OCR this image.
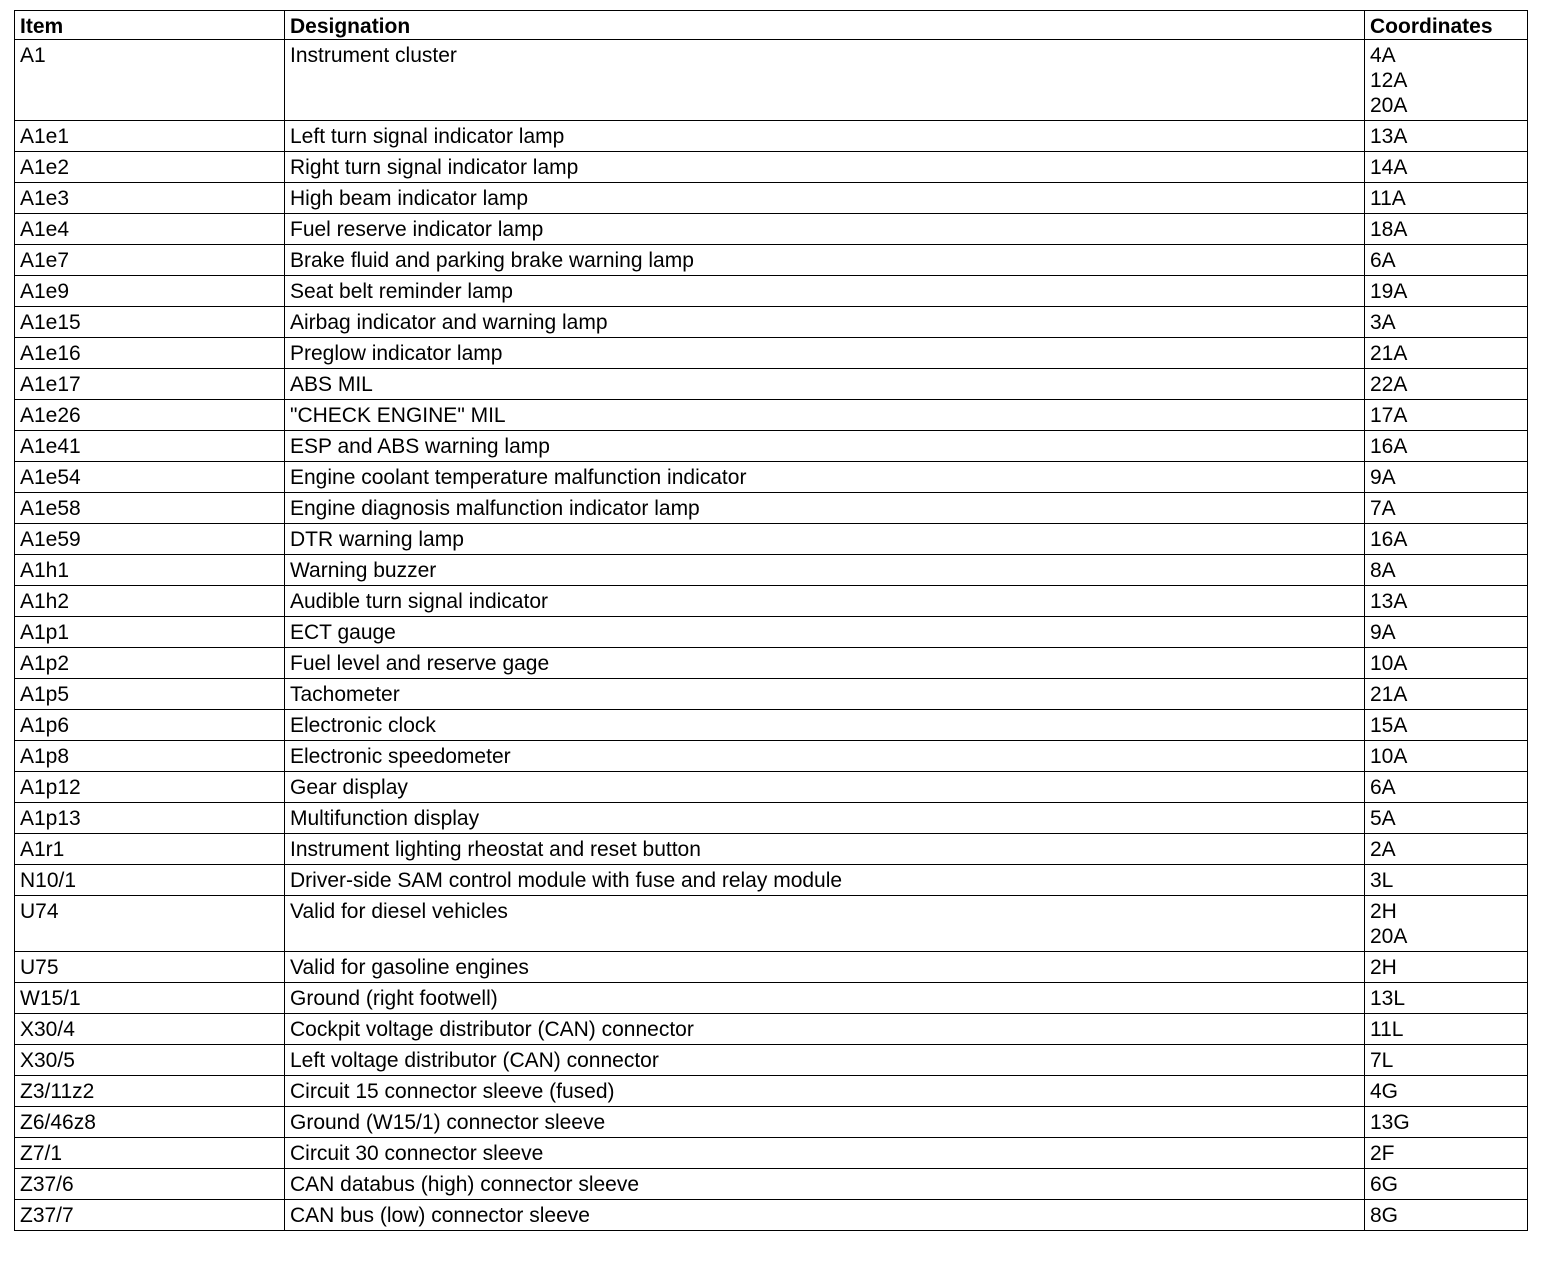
Item	Designation	Coordinates
A1	Instrument cluster	4A
12A
20A

A1e1	Left turn signal indicator lamp	13A

A1e2	Right turn signal indicator lamp	14A

A1e3	High beam indicator lamp	11A

A1e4	Fuel reserve indicator lamp	18A

A1e7	Brake fluid and parking brake warning lamp	6A

A1e9	Seat belt reminder lamp	19A

A1e15	Airbag indicator and warning lamp	3A

A1e16	Preglow indicator lamp	21A

A1e17	ABS MIL	22A

A1e26	"CHECK ENGINE" MIL	17A

A1e41	ESP and ABS warning lamp	16A

A1e54	Engine coolant temperature malfunction indicator	9A

A1e58	Engine diagnosis malfunction indicator lamp	7A

A1e59	DTR warning lamp	16A

A1h1	Warning buzzer	8A

A1h2	Audible turn signal indicator	13A

A1p1	ECT gauge	9A

A1p2	Fuel level and reserve gage	10A

A1p5	Tachometer	21A

A1p6	Electronic clock	15A

A1p8	Electronic speedometer	10A

A1p12	Gear display	6A

A1p13	Multifunction display	5A

A1r1	Instrument lighting rheostat and reset button	2A

N10/1	Driver-side SAM control module with fuse and relay module	3L

U74	Valid for diesel vehicles	2H
20A

U75	Valid for gasoline engines	2H

W15/1	Ground (right footwell)	13L

X30/4	Cockpit voltage distributor (CAN) connector	11L

X30/5	Left voltage distributor (CAN) connector	7L

Z3/11z2	Circuit 15 connector sleeve (fused)	4G

Z6/46z8	Ground (W15/1) connector sleeve	13G

Z7/1	Circuit 30 connector sleeve	2F

Z37/6	CAN databus (high) connector sleeve	6G

Z37/7	CAN bus (low) connector sleeve	8G
